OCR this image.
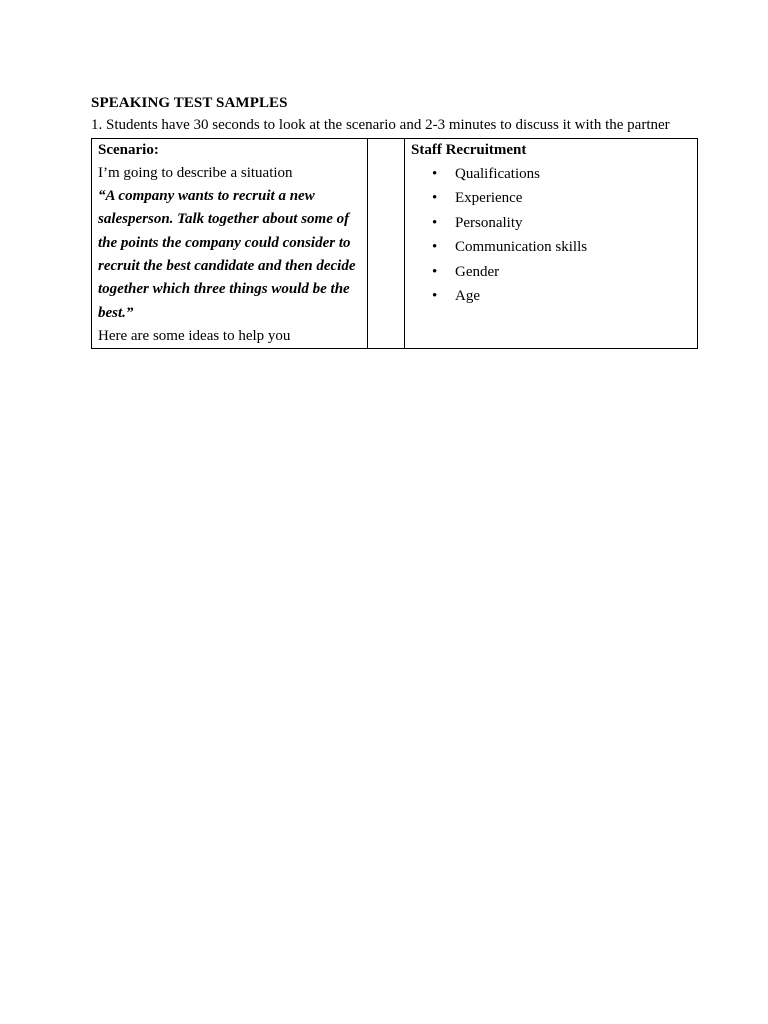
SPEAKING TEST SAMPLES

1. Students have 30 seconds to look at the scenario and 2-3 minutes to discuss it with the partner

Scenario:
I’m going to describe a situation
“A company wants to recruit a new salesperson. Talk together about some of the points the company could consider to recruit the best candidate and then decide together which three things would be the best.”
Here are some ideas to help you

Staff Recruitment
• Qualifications
• Experience
• Personality
• Communication skills
• Gender
• Age
